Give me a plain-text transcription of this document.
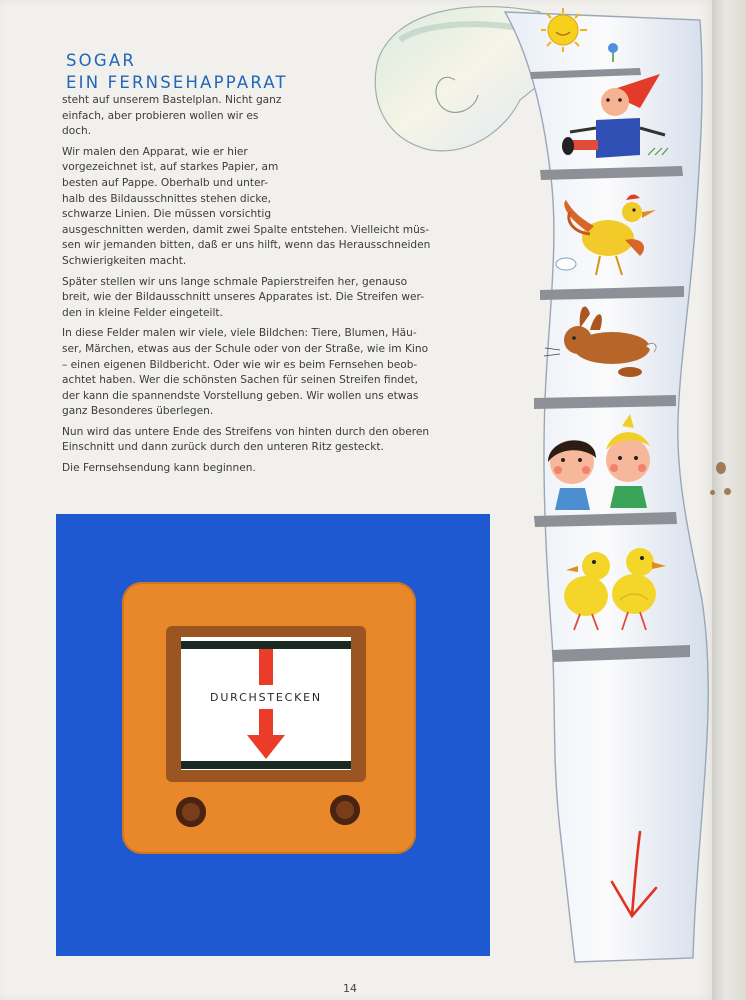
SOGAR
EIN FERNSEHAPPARAT

steht auf unserem Bastelplan. Nicht ganz
einfach, aber probieren wollen wir es
doch.

Wir malen den Apparat, wie er hier
vorgezeichnet ist, auf starkes Papier, am
besten auf Pappe. Oberhalb und unter-
halb des Bildausschnittes stehen dicke,
schwarze Linien. Die müssen vorsichtig
ausgeschnitten werden, damit zwei Spalte entstehen. Vielleicht müs-
sen wir jemanden bitten, daß er uns hilft, wenn das Herausschneiden
Schwierigkeiten macht.

Später stellen wir uns lange schmale Papierstreifen her, genauso
breit, wie der Bildausschnitt unseres Apparates ist. Die Streifen wer-
den in kleine Felder eingeteilt.

In diese Felder malen wir viele, viele Bildchen: Tiere, Blumen, Häu-
ser, Märchen, etwas aus der Schule oder von der Straße, wie im Kino
– einen eigenen Bildbericht. Oder wie wir es beim Fernsehen beob-
achtet haben. Wer die schönsten Sachen für seinen Streifen findet,
der kann die spannendste Vorstellung geben. Wir wollen uns etwas
ganz Besonderes überlegen.

Nun wird das untere Ende des Streifens von hinten durch den oberen
Einschnitt und dann zurück durch den unteren Ritz gesteckt.

Die Fernsehsendung kann beginnen.

DURCHSTECKEN
14
